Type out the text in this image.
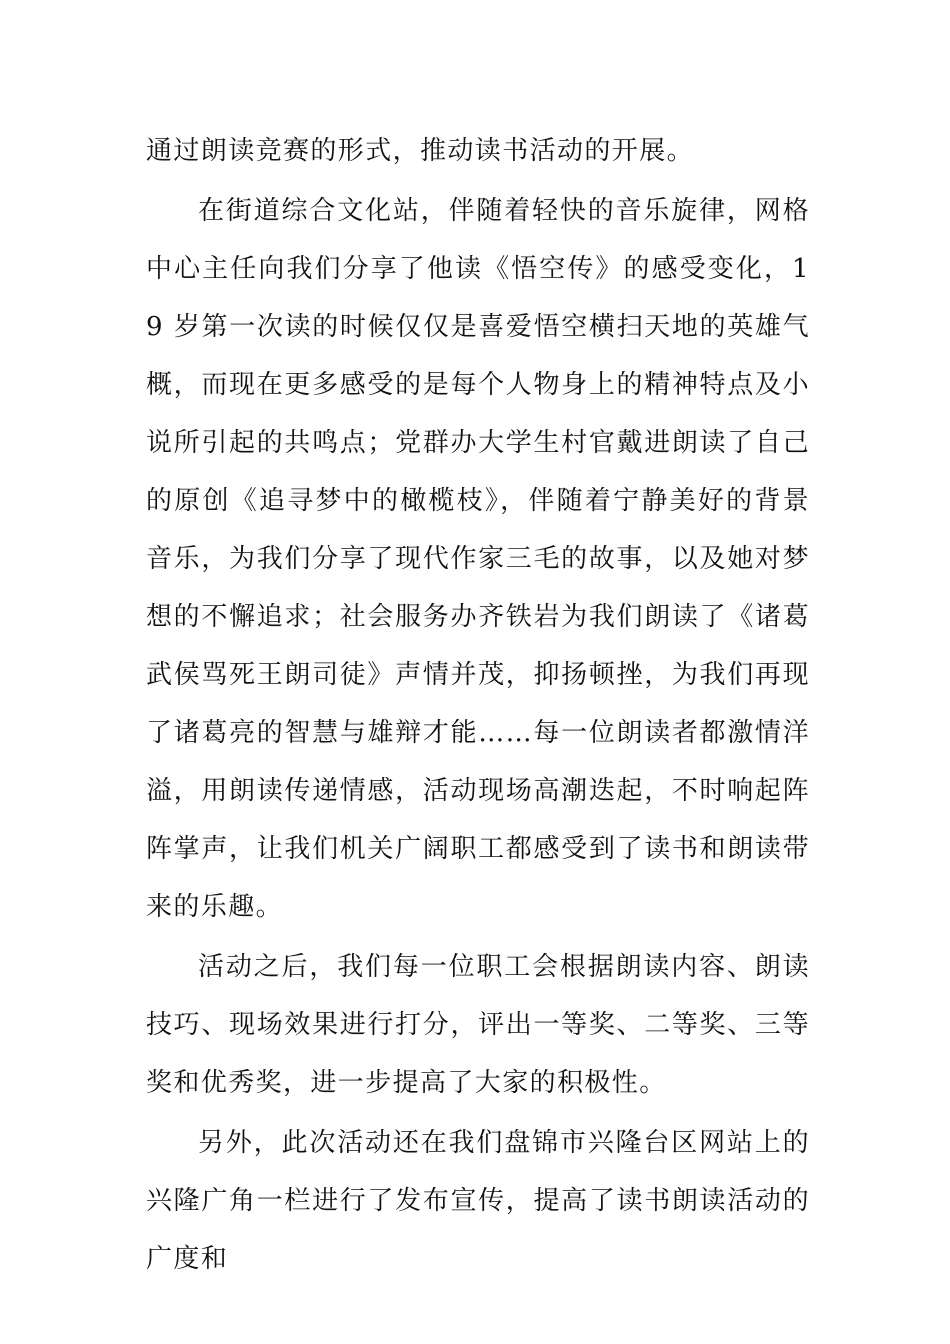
通过朗读竞赛的形式，推动读书活动的开展。

在街道综合文化站，伴随着轻快的音乐旋律，网格中心主任向我们分享了他读《悟空传》的感受变化，19 岁第一次读的时候仅仅是喜爱悟空横扫天地的英雄气概，而现在更多感受的是每个人物身上的精神特点及小说所引起的共鸣点；党群办大学生村官戴进朗读了自己的原创《追寻梦中的橄榄枝》，伴随着宁静美好的背景音乐，为我们分享了现代作家三毛的故事，以及她对梦想的不懈追求；社会服务办齐铁岩为我们朗读了《诸葛武侯骂死王朗司徒》声情并茂，抑扬顿挫，为我们再现了诸葛亮的智慧与雄辩才能……每一位朗读者都激情洋溢，用朗读传递情感，活动现场高潮迭起，不时响起阵阵掌声，让我们机关广阔职工都感受到了读书和朗读带来的乐趣。

活动之后，我们每一位职工会根据朗读内容、朗读技巧、现场效果进行打分，评出一等奖、二等奖、三等奖和优秀奖，进一步提高了大家的积极性。

另外，此次活动还在我们盘锦市兴隆台区网站上的兴隆广角一栏进行了发布宣传，提高了读书朗读活动的广度和
